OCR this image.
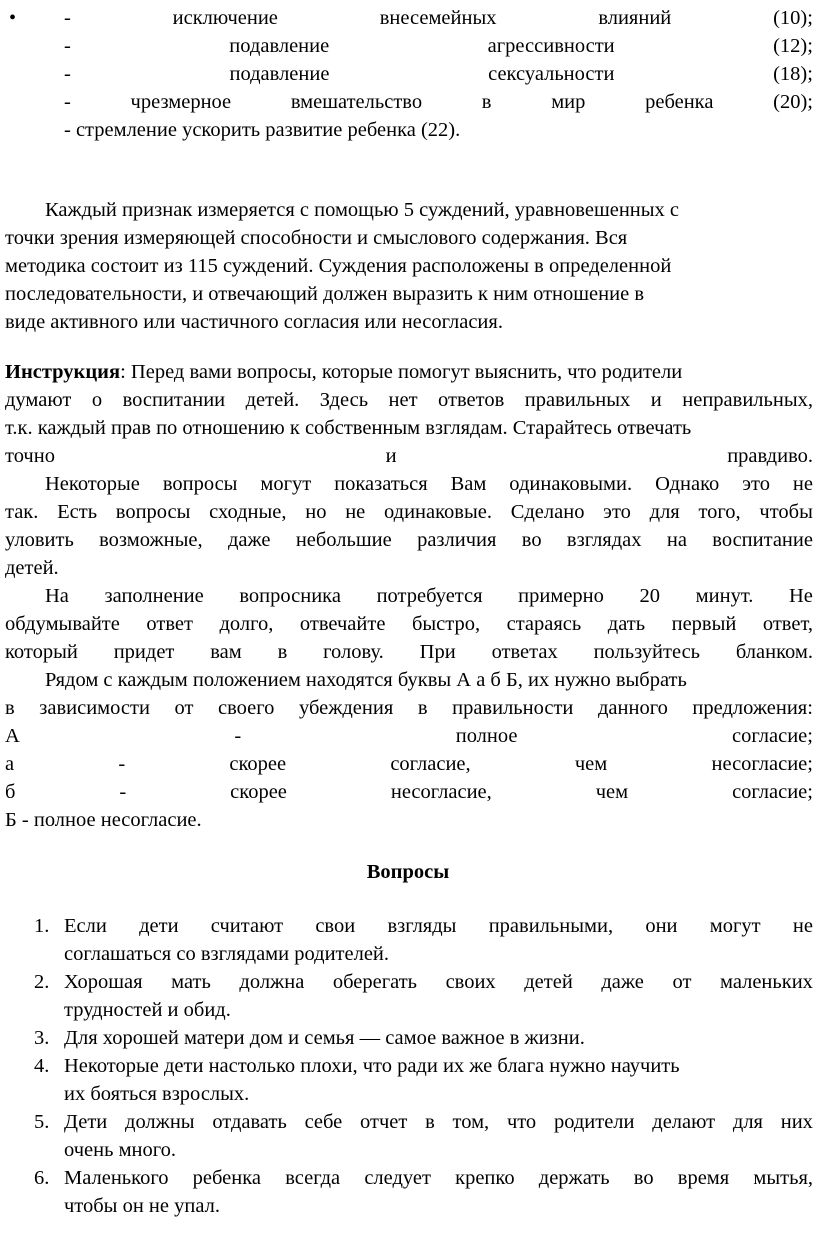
• -	исключение	внесемейных	влияний	(10);
-	подавление	агрессивности	(12);
-	подавление	сексуальности	(18);
-	чрезмерное	вмешательство	в	мир	ребенка	(20);
- стремление ускорить развитие ребенка (22).
Каждый признак измеряется с помощью 5 суждений, уравновешенных с
точки зрения измеряющей способности и смыслового содержания. Вся
методика состоит из 115 суждений. Суждения расположены в определенной
последовательности, и отвечающий должен выразить к ним отношение в
виде активного или частичного согласия или несогласия.
Инструкция: Перед вами вопросы, которые помогут выяснить, что родители
думают о воспитании детей. Здесь нет ответов правильных и неправильных,
т.к. каждый прав по отношению к собственным взглядам. Старайтесь отвечать
точно	и	правдиво.
Некоторые вопросы могут показаться Вам одинаковыми. Однако это не
так. Есть вопросы сходные, но не одинаковые. Сделано это для того, чтобы
уловить возможные, даже небольшие различия во взглядах на воспитание
детей.
На заполнение вопросника потребуется примерно 20 минут. Не
обдумывайте ответ долго, отвечайте быстро, стараясь дать первый ответ,
который придет вам в голову. При ответах пользуйтесь бланком.
Рядом с каждым положением находятся буквы А а б Б, их нужно выбрать
в зависимости от своего убеждения в правильности данного предложения:
А	-	полное	согласие;
а	-	скорее	согласие,	чем	несогласие;
б	-	скорее	несогласие,	чем	согласие;
Б - полное несогласие.
Вопросы
1. Если дети считают свои взгляды правильными, они могут не
соглашаться со взглядами родителей.
2. Хорошая мать должна оберегать своих детей даже от маленьких
трудностей и обид.
3. Для хорошей матери дом и семья — самое важное в жизни.
4. Некоторые дети настолько плохи, что ради их же блага нужно научить
их бояться взрослых.
5. Дети должны отдавать себе отчет в том, что родители делают для них
очень много.
6. Маленького ребенка всегда следует крепко держать во время мытья,
чтобы он не упал.
